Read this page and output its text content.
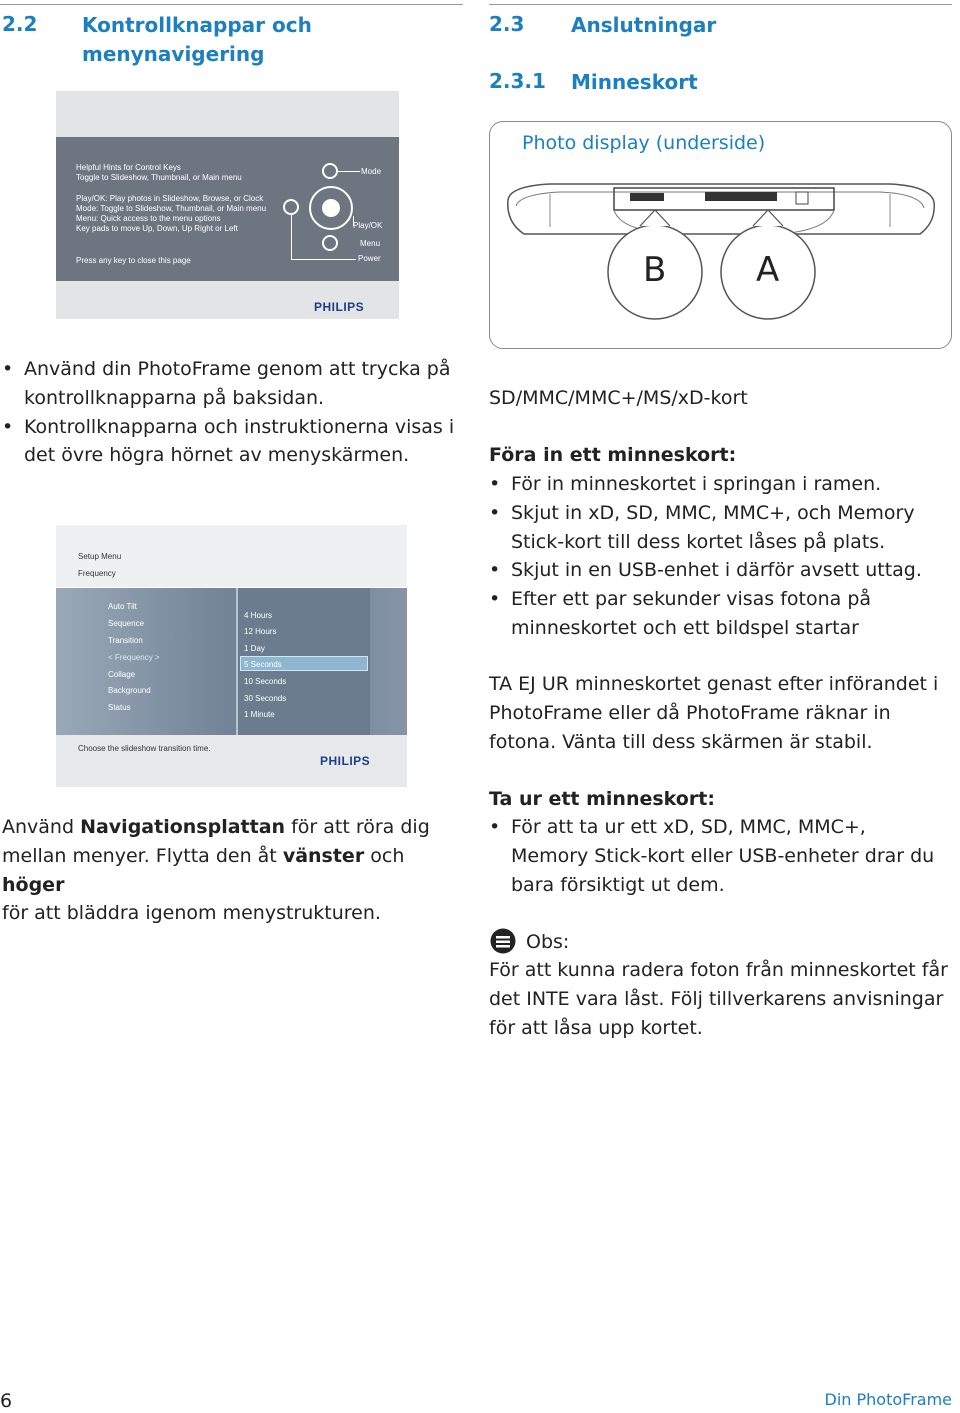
2.2 Kontrollknappar och
menynavigering
Helpful Hints for Control Keys
Toggle to Slideshow, Thumbnail, or Main menu
Play/OK: Play photos in Slideshow, Browse, or Clock
Mode: Toggle to Slideshow, Thumbnail, or Main menu
Menu: Quick access to the menu options
Key pads to move Up, Down, Up Right or Left
Press any key to close this page
Mode
Play/OK
Menu
Power
PHILIPS
• Använd din PhotoFrame genom att trycka på kontrollknapparna på baksidan.
• Kontrollknapparna och instruktionerna visas i det övre högra hörnet av menyskärmen.
Setup Menu
Frequency
Auto Tilt
Sequence
Transition
< Frequency >
Collage
Background
Status
4 Hours
12 Hours
1 Day
5 Seconds
10 Seconds
30 Seconds
1 Minute
Choose the slideshow transition time.
PHILIPS
Använd Navigationsplattan för att röra dig
mellan menyer. Flytta den åt vänster och höger
för att bläddra igenom menystrukturen.
2.3 Anslutningar
2.3.1 Minneskort
Photo display (underside)
B	A
SD/MMC/MMC+/MS/xD-kort
Föra in ett minneskort:
• För in minneskortet i springan i ramen.
• Skjut in xD, SD, MMC, MMC+, och Memory Stick-kort till dess kortet låses på plats.
• Skjut in en USB-enhet i därför avsett uttag.
• Efter ett par sekunder visas fotona på minneskortet och ett bildspel startar
TA EJ UR minneskortet genast efter införandet i PhotoFrame eller då PhotoFrame räknar in fotona. Vänta till dess skärmen är stabil.
Ta ur ett minneskort:
• För att ta ur ett xD, SD, MMC, MMC+, Memory Stick-kort eller USB-enheter drar du bara försiktigt ut dem.
Obs:
För att kunna radera foton från minneskortet får det INTE vara låst. Följ tillverkarens anvisningar för att låsa upp kortet.
6	Din PhotoFrame
